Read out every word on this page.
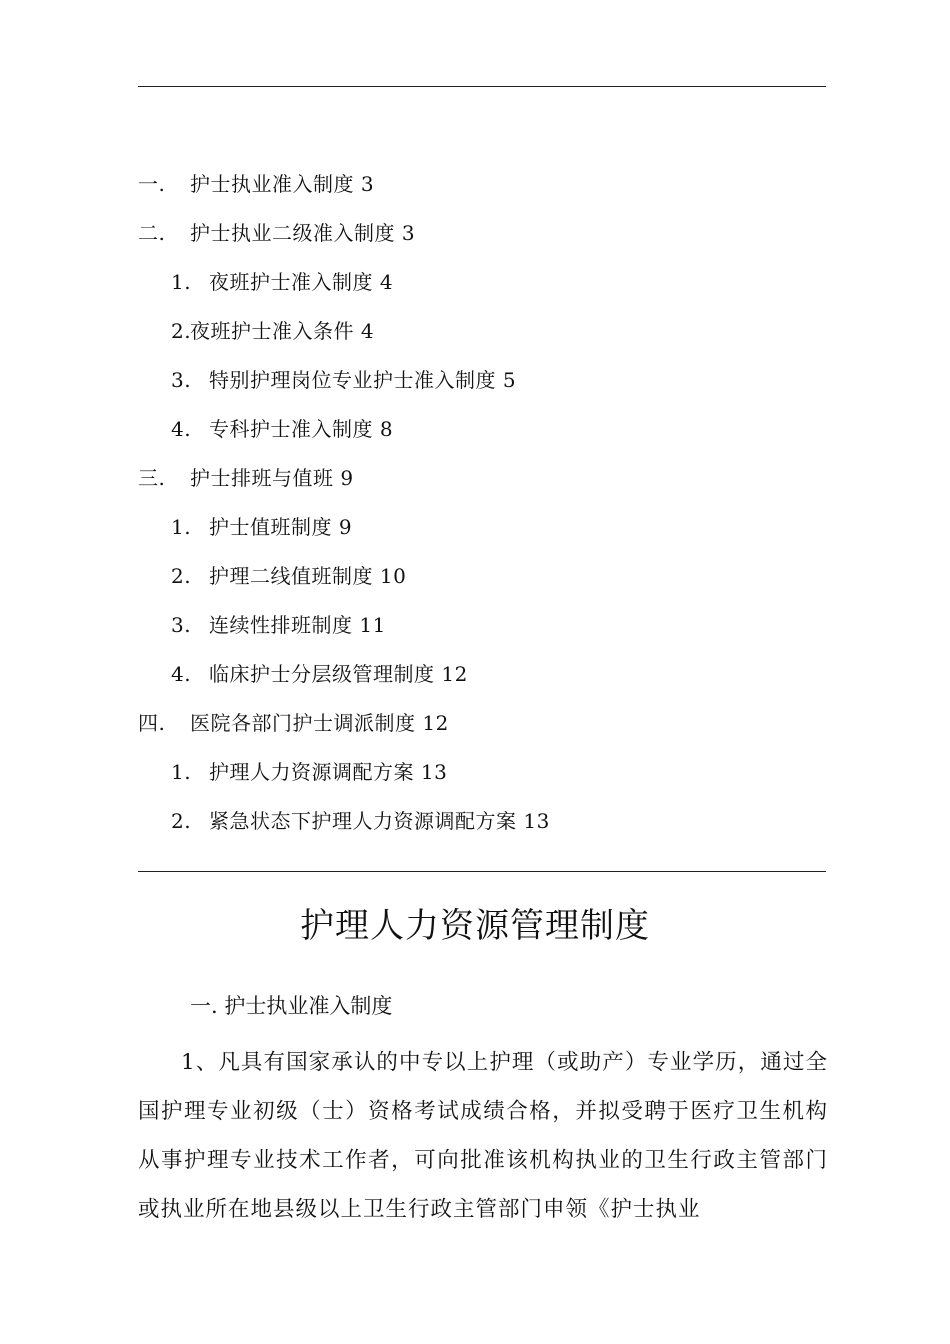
一. 护士执业准入制度 3
二. 护士执业二级准入制度 3
1. 夜班护士准入制度 4
2.
夜班护士准入条件 4
3. 特别护理岗位专业护士准入制度 5
4. 专科护士准入制度 8
三. 护士排班与值班 9
1. 护士值班制度 9
2. 护理二线值班制度 10
3. 连续性排班制度 11
4. 临床护士分层级管理制度 12
四. 医院各部门护士调派制度 12
1. 护理人力资源调配方案 13
2. 紧急状态下护理人力资源调配方案 13
护理人力资源管理制度
一. 护士执业准入制度
1、凡具有国家承认的中专以上护理（或助产）专业学历，通过全国护理专业初级（士）资格考试成绩合格，并拟受聘于医疗卫生机构从事护理专业技术工作者，可向批准该机构执业的卫生行政主管部门或执业所在地县级以上卫生行政主管部门申领《护士执业
